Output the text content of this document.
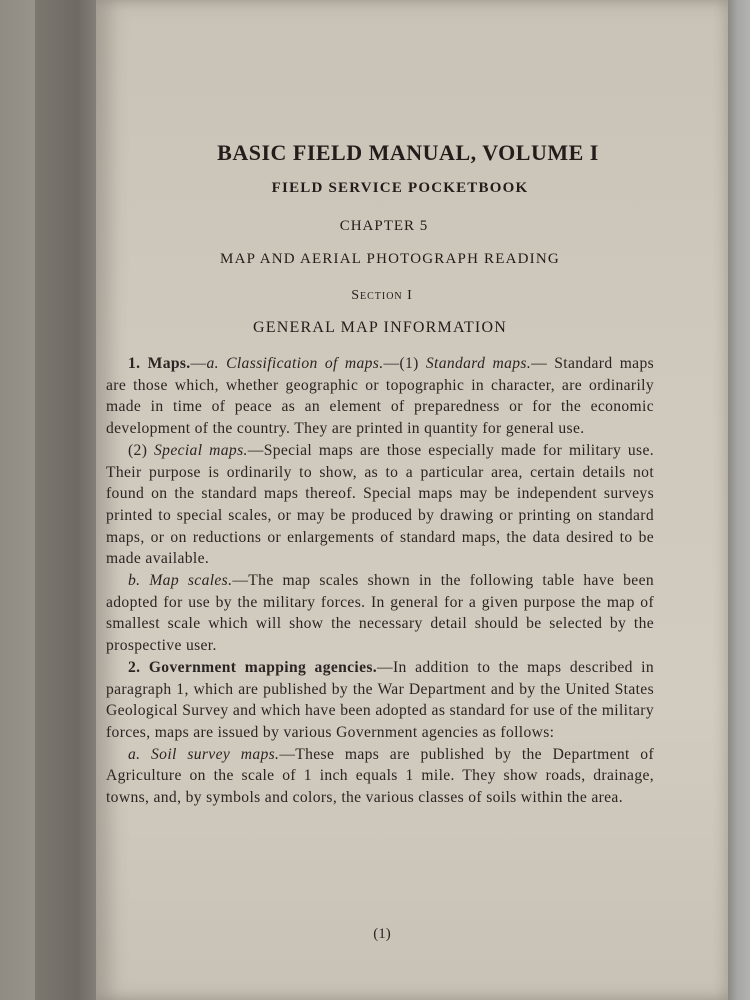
BASIC FIELD MANUAL, VOLUME I
FIELD SERVICE POCKETBOOK
CHAPTER 5
MAP AND AERIAL PHOTOGRAPH READING
Section I
GENERAL MAP INFORMATION

1. Maps.—a. Classification of maps.—(1) Standard maps.— Standard maps are those which, whether geographic or topographic in character, are ordinarily made in time of peace as an element of preparedness or for the economic development of the country. They are printed in quantity for general use.

(2) Special maps.—Special maps are those especially made for military use. Their purpose is ordinarily to show, as to a particular area, certain details not found on the standard maps thereof. Special maps may be independent surveys printed to special scales, or may be produced by drawing or printing on standard maps, or on reductions or enlargements of standard maps, the data desired to be made available.

b. Map scales.—The map scales shown in the following table have been adopted for use by the military forces. In general for a given purpose the map of smallest scale which will show the necessary detail should be selected by the prospective user.

2. Government mapping agencies.—In addition to the maps described in paragraph 1, which are published by the War Department and by the United States Geological Survey and which have been adopted as standard for use of the military forces, maps are issued by various Government agencies as follows:

a. Soil survey maps.—These maps are published by the Department of Agriculture on the scale of 1 inch equals 1 mile. They show roads, drainage, towns, and, by symbols and colors, the various classes of soils within the area.

(1)
